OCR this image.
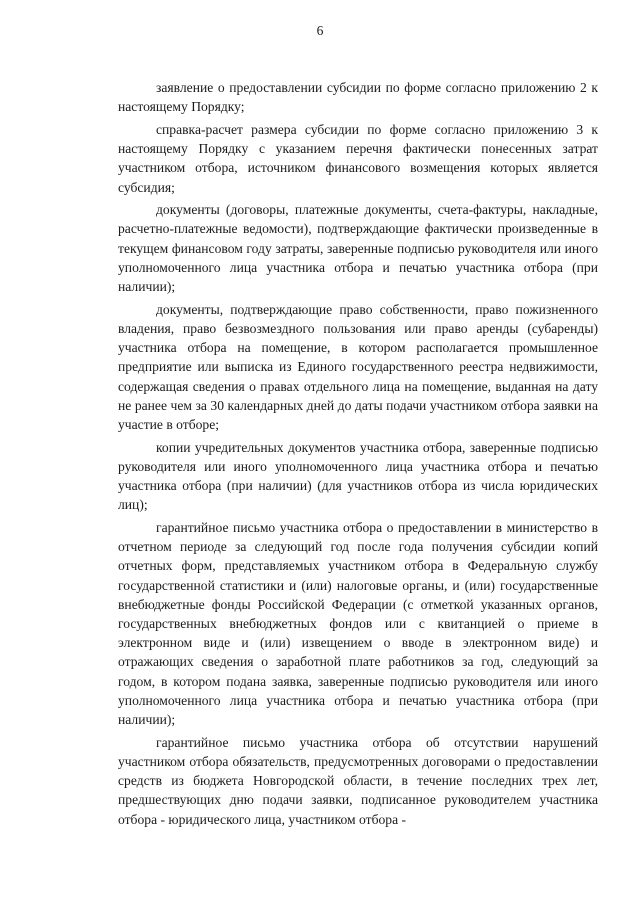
6

заявление о предоставлении субсидии по форме согласно приложению 2 к настоящему Порядку;

справка-расчет размера субсидии по форме согласно приложению 3 к настоящему Порядку с указанием перечня фактически понесенных затрат участником отбора, источником финансового возмещения которых является субсидия;

документы (договоры, платежные документы, счета-фактуры, накладные, расчетно-платежные ведомости), подтверждающие фактически произведенные в текущем финансовом году затраты, заверенные подписью руководителя или иного уполномоченного лица участника отбора и печатью участника отбора (при наличии);

документы, подтверждающие право собственности, право пожизненного владения, право безвозмездного пользования или право аренды (субаренды) участника отбора на помещение, в котором располагается промышленное предприятие или выписка из Единого государственного реестра недвижимости, содержащая сведения о правах отдельного лица на помещение, выданная на дату не ранее чем за 30 календарных дней до даты подачи участником отбора заявки на участие в отборе;

копии учредительных документов участника отбора, заверенные подписью руководителя или иного уполномоченного лица участника отбора и печатью участника отбора (при наличии) (для участников отбора из числа юридических лиц);

гарантийное письмо участника отбора о предоставлении в министерство в отчетном периоде за следующий год после года получения субсидии копий отчетных форм, представляемых участником отбора в Федеральную службу государственной статистики и (или) налоговые органы, и (или) государственные внебюджетные фонды Российской Федерации (с отметкой указанных органов, государственных внебюджетных фондов или с квитанцией о приеме в электронном виде и (или) извещением о вводе в электронном виде) и отражающих сведения о заработной плате работников за год, следующий за годом, в котором подана заявка, заверенные подписью руководителя или иного уполномоченного лица участника отбора и печатью участника отбора (при наличии);

гарантийное письмо участника отбора об отсутствии нарушений участником отбора обязательств, предусмотренных договорами о предоставлении средств из бюджета Новгородской области, в течение последних трех лет, предшествующих дню подачи заявки, подписанное руководителем участника отбора - юридического лица, участником отбора -
